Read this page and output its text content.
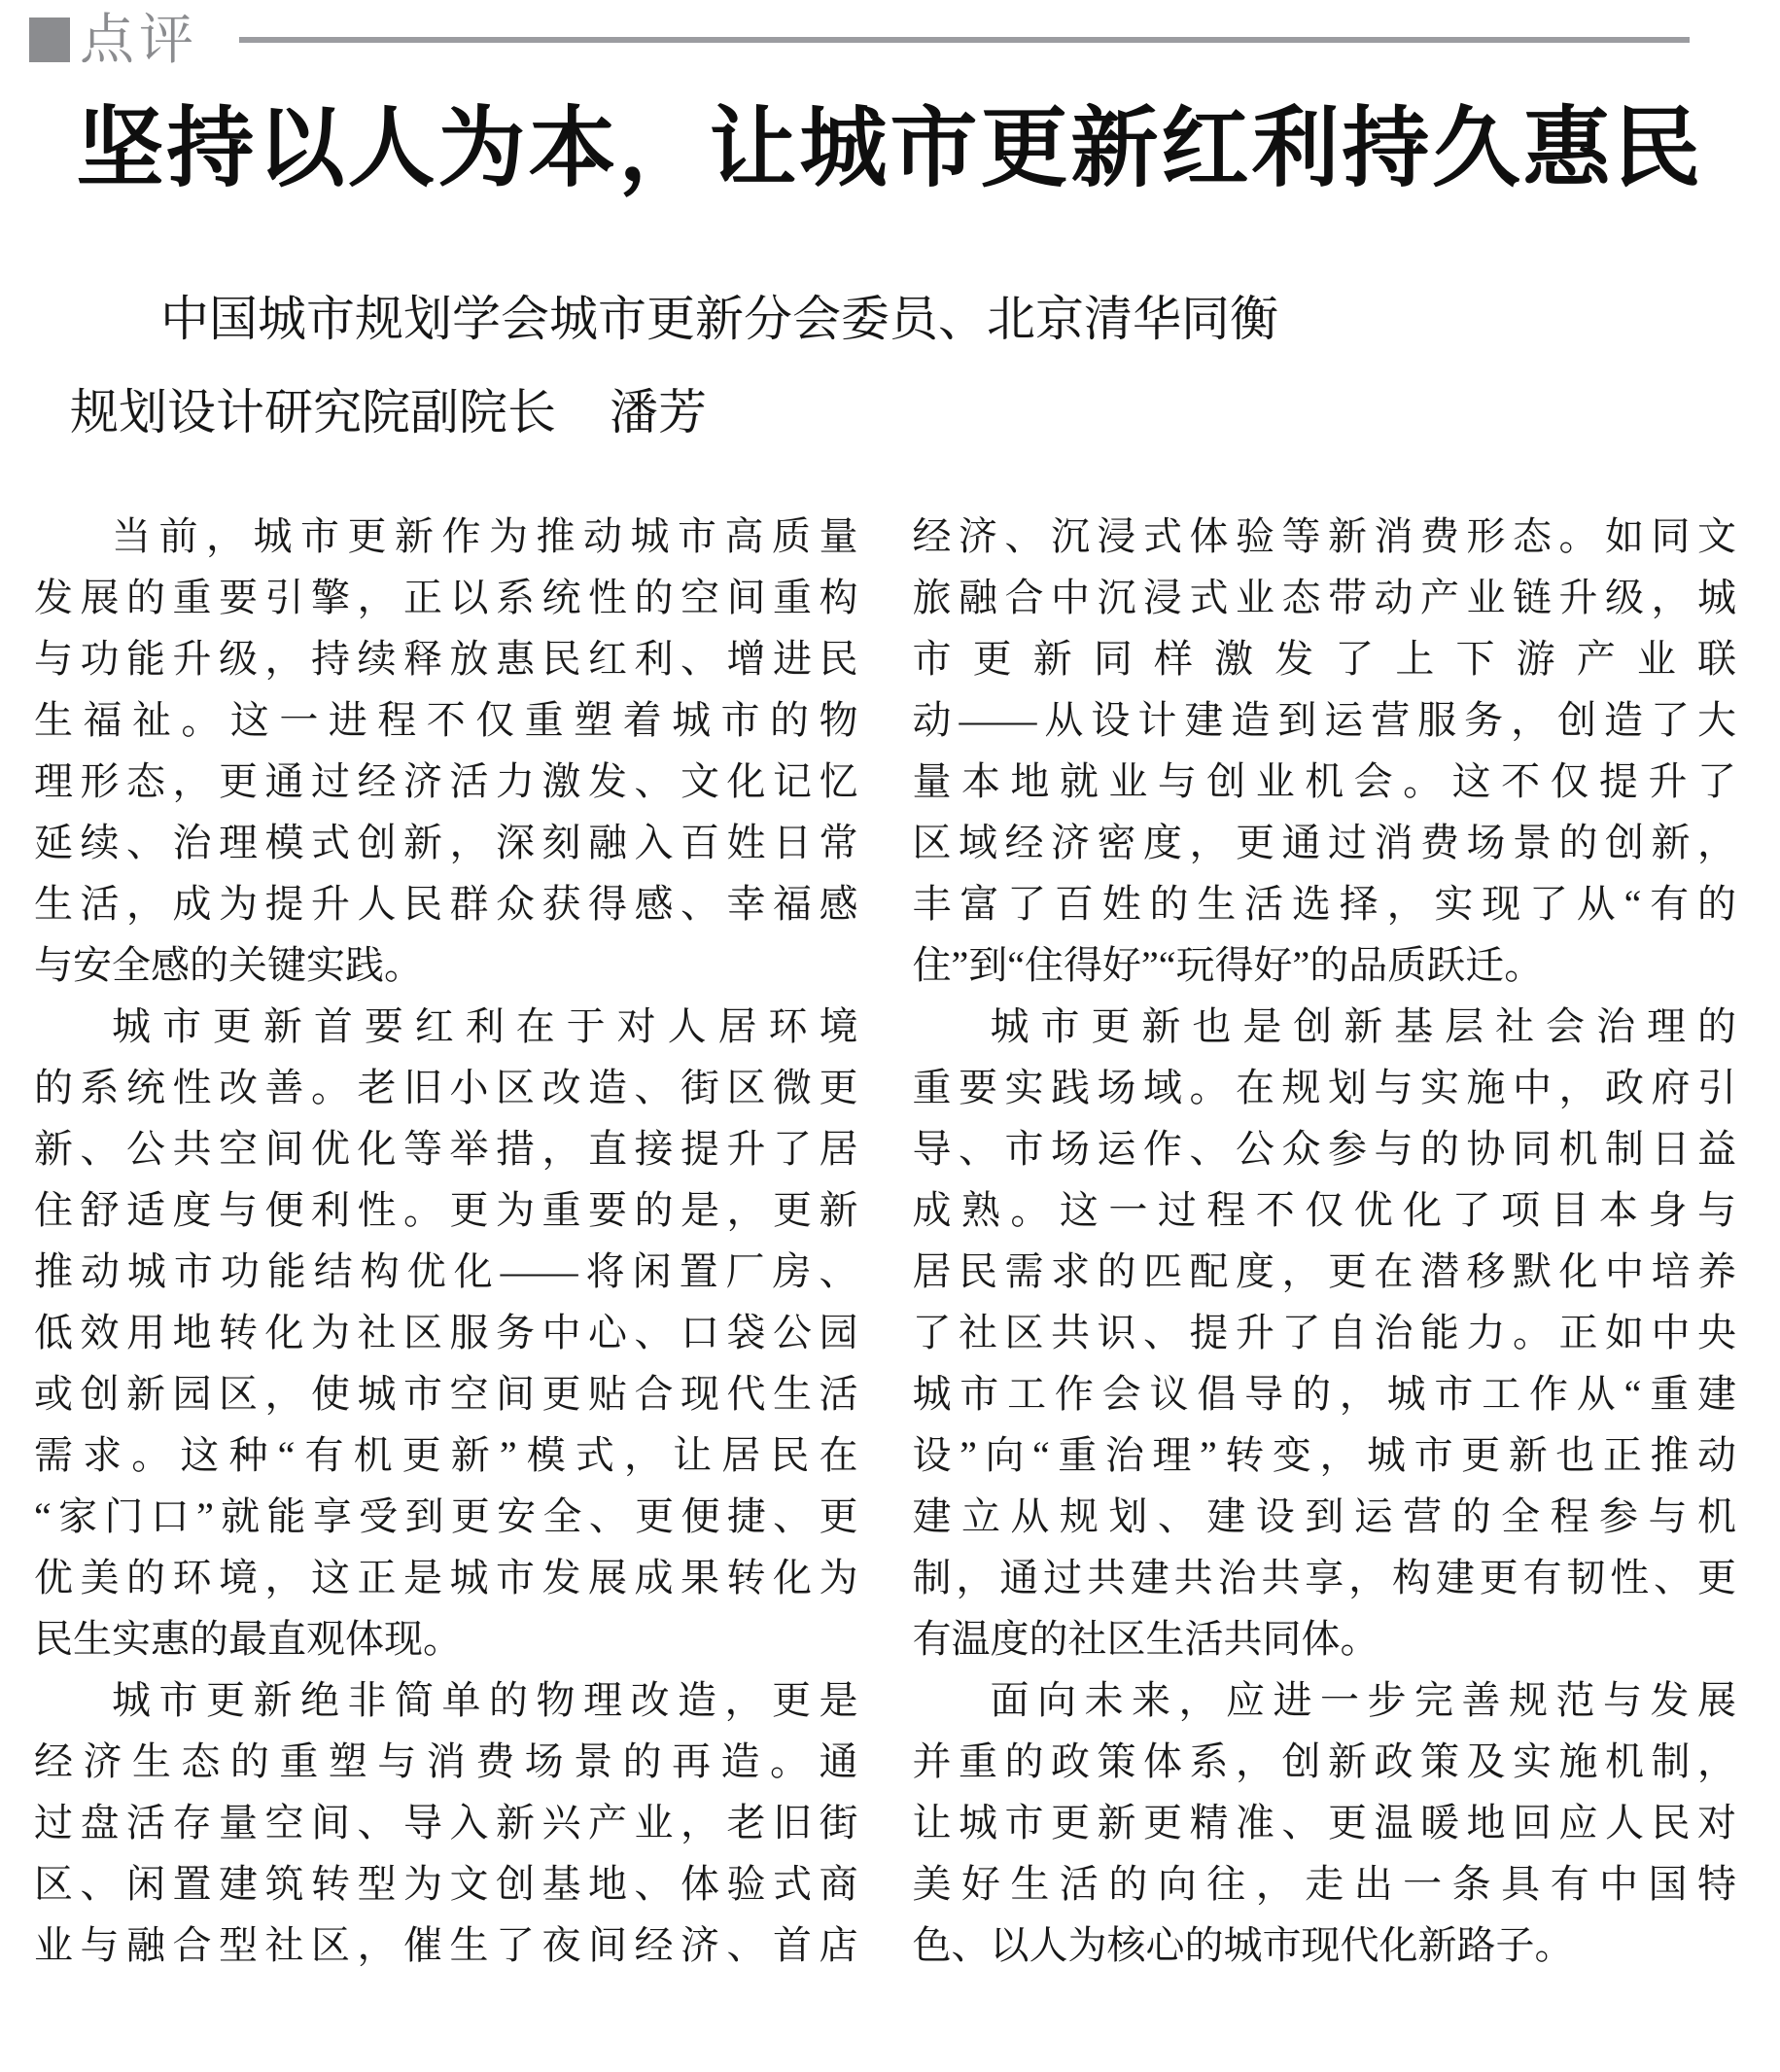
点评
坚持以人为本，让城市更新红利持久惠民
中国城市规划学会城市更新分会委员、北京清华同衡
规划设计研究院副院长 潘芳
当前，城市更新作为推动城市高质量
发展的重要引擎，正以系统性的空间重构
与功能升级，持续释放惠民红利、增进民
生福祉。这一进程不仅重塑着城市的物
理形态，更通过经济活力激发、文化记忆
延续、治理模式创新，深刻融入百姓日常
生活，成为提升人民群众获得感、幸福感
与安全感的关键实践。
城市更新首要红利在于对人居环境
的系统性改善。老旧小区改造、街区微更
新、公共空间优化等举措，直接提升了居
住舒适度与便利性。更为重要的是，更新
推动城市功能结构优化——将闲置厂房、
低效用地转化为社区服务中心、口袋公园
或创新园区，使城市空间更贴合现代生活
需求。这种“有机更新”模式，让居民在
“家门口”就能享受到更安全、更便捷、更
优美的环境，这正是城市发展成果转化为
民生实惠的最直观体现。
城市更新绝非简单的物理改造，更是
经济生态的重塑与消费场景的再造。通
过盘活存量空间、导入新兴产业，老旧街
区、闲置建筑转型为文创基地、体验式商
业与融合型社区，催生了夜间经济、首店
经济、沉浸式体验等新消费形态。如同文
旅融合中沉浸式业态带动产业链升级，城
市更新同样激发了上下游产业联
动——从设计建造到运营服务，创造了大
量本地就业与创业机会。这不仅提升了
区域经济密度，更通过消费场景的创新，
丰富了百姓的生活选择，实现了从“有的
住”到“住得好”“玩得好”的品质跃迁。
城市更新也是创新基层社会治理的
重要实践场域。在规划与实施中，政府引
导、市场运作、公众参与的协同机制日益
成熟。这一过程不仅优化了项目本身与
居民需求的匹配度，更在潜移默化中培养
了社区共识、提升了自治能力。正如中央
城市工作会议倡导的，城市工作从“重建
设”向“重治理”转变，城市更新也正推动
建立从规划、建设到运营的全程参与机
制，通过共建共治共享，构建更有韧性、更
有温度的社区生活共同体。
面向未来，应进一步完善规范与发展
并重的政策体系，创新政策及实施机制，
让城市更新更精准、更温暖地回应人民对
美好生活的向往，走出一条具有中国特
色、以人为核心的城市现代化新路子。
